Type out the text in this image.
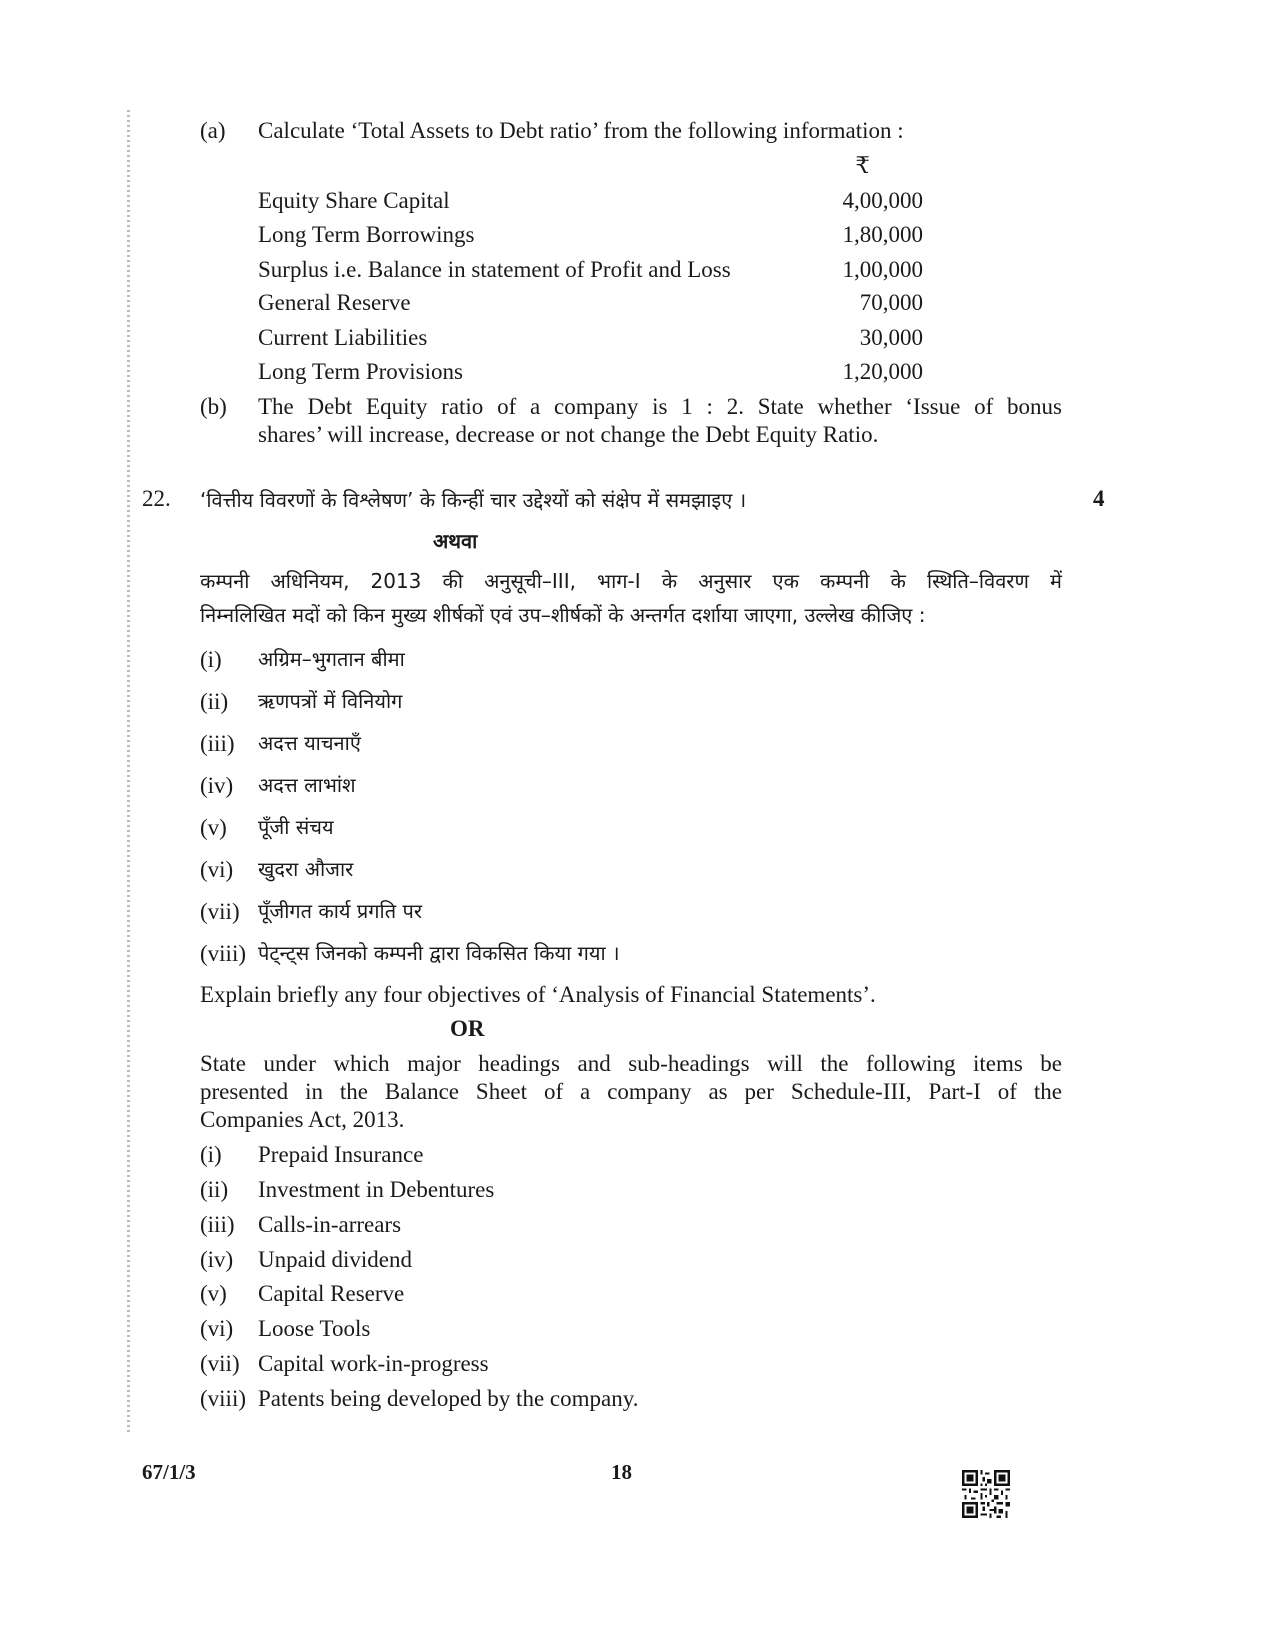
(a) Calculate ‘Total Assets to Debt ratio’ from the following information :
₹
Equity Share Capital	4,00,000
Long Term Borrowings	1,80,000
Surplus i.e. Balance in statement of Profit and Loss	1,00,000
General Reserve	70,000
Current Liabilities	30,000
Long Term Provisions	1,20,000
(b) The Debt Equity ratio of a company is 1 : 2. State whether ‘Issue of bonus
shares’ will increase, decrease or not change the Debt Equity Ratio.
22. ‘वित्तीय विवरणों के विश्लेषण’ के किन्हीं चार उद्देश्यों को संक्षेप में समझाइए ।	4
अथवा
कम्पनी अधिनियम, 2013 की अनुसूची–III, भाग-I के अनुसार एक कम्पनी के स्थिति–विवरण में
निम्नलिखित मदों को किन मुख्य शीर्षकों एवं उप–शीर्षकों के अन्तर्गत दर्शाया जाएगा, उल्लेख कीजिए :
(i) अग्रिम–भुगतान बीमा
(ii) ऋणपत्रों में विनियोग
(iii) अदत्त याचनाएँ
(iv) अदत्त लाभांश
(v) पूँजी संचय
(vi) खुदरा औजार
(vii) पूँजीगत कार्य प्रगति पर
(viii) पेट्न्ट्स जिनको कम्पनी द्वारा विकसित किया गया ।
Explain briefly any four objectives of ‘Analysis of Financial Statements’.
OR
State under which major headings and sub-headings will the following items be
presented in the Balance Sheet of a company as per Schedule-III, Part-I of the
Companies Act, 2013.
(i) Prepaid Insurance
(ii) Investment in Debentures
(iii) Calls-in-arrears
(iv) Unpaid dividend
(v) Capital Reserve
(vi) Loose Tools
(vii) Capital work-in-progress
(viii) Patents being developed by the company.
67/1/3	18
